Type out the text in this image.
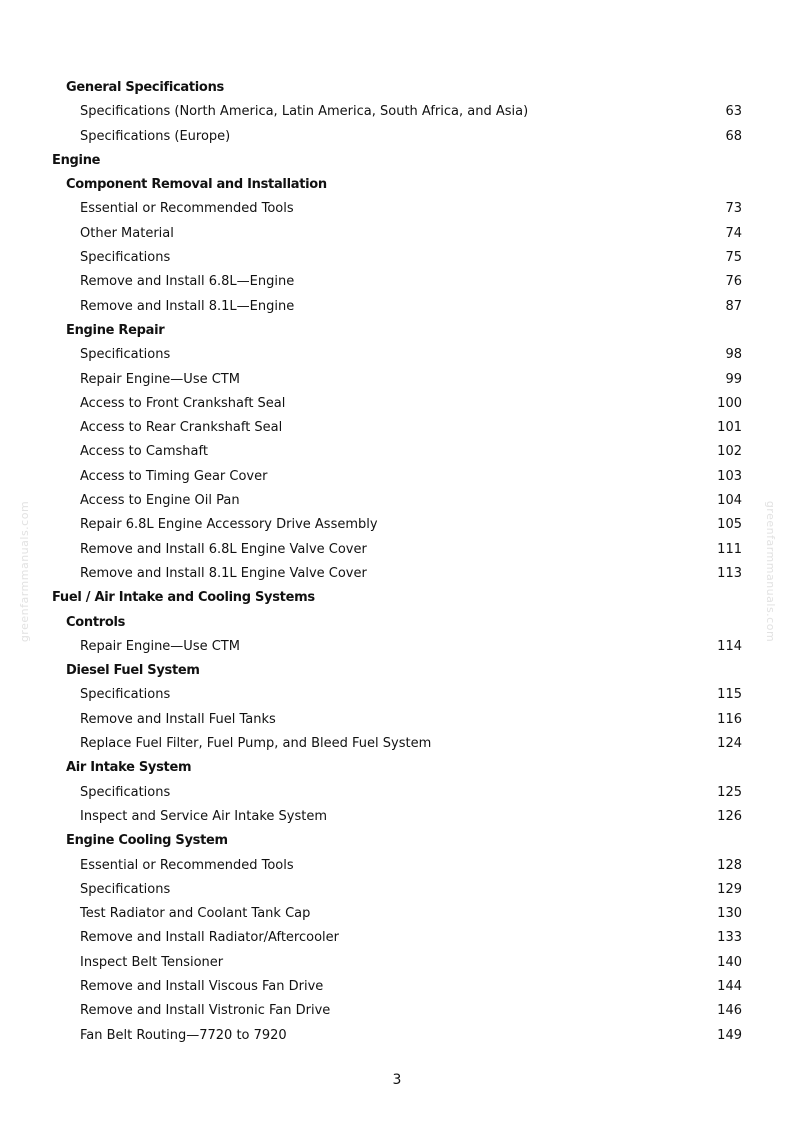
General Specifications
Specifications (North America, Latin America, South Africa, and Asia)	63
Specifications (Europe)	68
Engine
Component Removal and Installation
Essential or Recommended Tools	73
Other Material	74
Specifications	75
Remove and Install 6.8L—Engine	76
Remove and Install 8.1L—Engine	87
Engine Repair
Specifications	98
Repair Engine—Use CTM	99
Access to Front Crankshaft Seal	100
Access to Rear Crankshaft Seal	101
Access to Camshaft	102
Access to Timing Gear Cover	103
Access to Engine Oil Pan	104
Repair 6.8L Engine Accessory Drive Assembly	105
Remove and Install 6.8L Engine Valve Cover	111
Remove and Install 8.1L Engine Valve Cover	113
Fuel / Air Intake and Cooling Systems
Controls
Repair Engine—Use CTM	114
Diesel Fuel System
Specifications	115
Remove and Install Fuel Tanks	116
Replace Fuel Filter, Fuel Pump, and Bleed Fuel System	124
Air Intake System
Specifications	125
Inspect and Service Air Intake System	126
Engine Cooling System
Essential or Recommended Tools	128
Specifications	129
Test Radiator and Coolant Tank Cap	130
Remove and Install Radiator/Aftercooler	133
Inspect Belt Tensioner	140
Remove and Install Viscous Fan Drive	144
Remove and Install Vistronic Fan Drive	146
Fan Belt Routing—7720 to 7920	149
greenfarmmanuals.com	greenfarmmanuals.com
3
